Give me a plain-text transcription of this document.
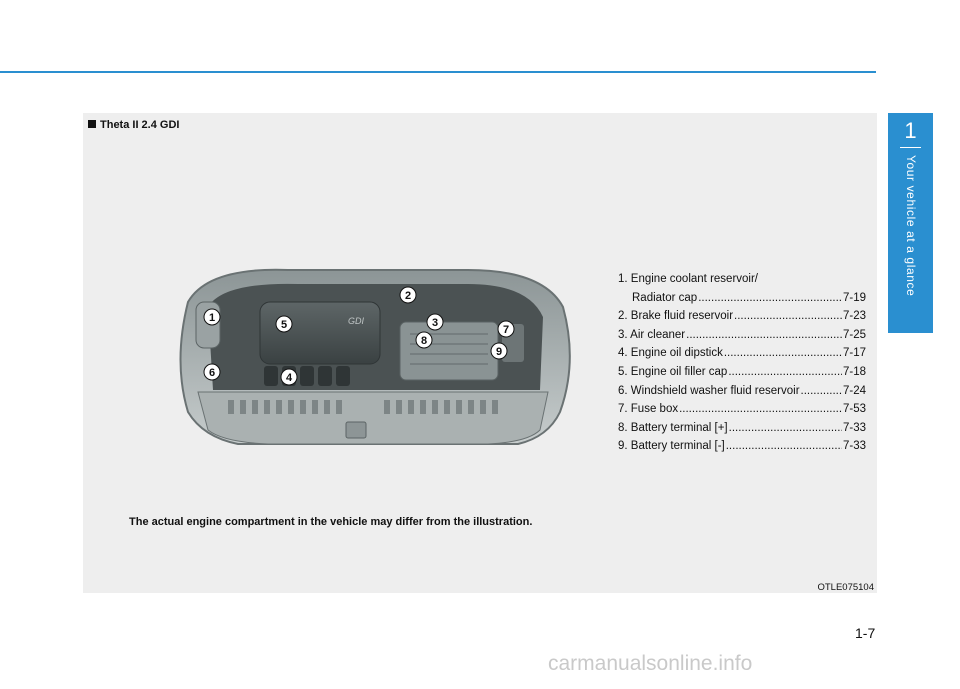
Theta II 2.4 GDI	1
Your vehicle at a glance
GDI
1
2
3
4
5
6
7
8
9
1. Engine coolant reservoir/
Radiator cap .....	7-19
2. Brake fluid reservoir .....	7-23
3. Air cleaner .....	7-25
4. Engine oil dipstick .....	7-17
5. Engine oil filler cap .....	7-18
6. Windshield washer fluid reservoir .....	7-24
7. Fuse box .....	7-53
8. Battery terminal [+] .....	7-33
9. Battery terminal [-] .....	7-33
The actual engine compartment in the vehicle may differ from the illustration.
OTLE075104
1-7
carmanualsonline.info
